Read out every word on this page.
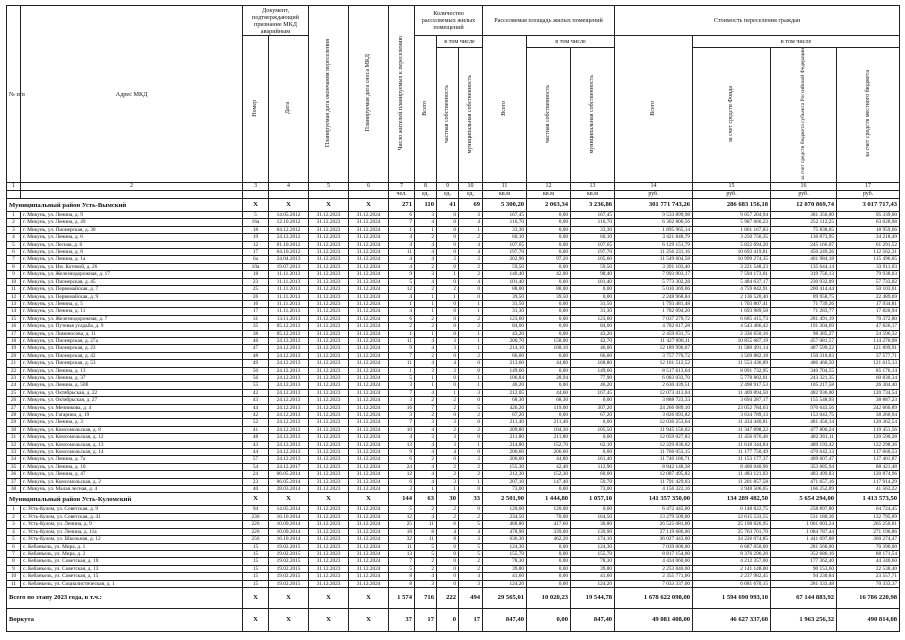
№ п/п	Адрес МКД	Документ, подтверждающий признание МКД аварийным		Планируемая дата окончания переселения	Планируемая дата сноса МКД	Число жителей планируемых к переселению	Количество расселяемых жилых помещений			Расселяемая площадь жилых помещений			Стоимость переселения граждан			
		Номер	Дата				Всего	в том числе		Всего	в том числе		Всего	в том числе		
								частная собственность	муниципальная собственность		частная собственность	муниципальная собственность		за счет средств Фонда	за счет средств бюджета субъекта Российской Федерации	за счет средств местного бюджета
1	2	3	4	5	6	7	8	9	10	11	12	13	14	15	16	17
						чел.	ед.	ед.	ед.	кв.м	кв.м	кв.м	руб.	руб.	руб.	руб.
Муниципальный район Усть-Вымский		X	X	X	X	271	110	41	69	5 300,20	2 063,34	3 236,86	301 771 743,26	286 683 156,18	12 070 869,74	3 017 717,43
1	г. Микунь, ул. Ленина, д. 9	5	14.05.2012	31.12.2023	31.12.2024	6	3	0	3	167,45	0,00	167,45	9 533 899,98	9 057 204,94	381 356,00	95 339,00
2	г. Микунь, ул. Ленина, д. 49	16а	12.10.2012	31.12.2023	31.12.2024	7	4	0	4	110,70	0,00	110,70	6 302 806,56	5 987 666,23	252 112,25	63 028,08
3	г. Микунь, ул. Пионерская, д. 30	18	04.12.2012	31.12.2023	31.12.2024	1	1	0	1	33,30	0,00	33,30	1 895 965,14	1 801 167,83	75 838,65	18 959,66
4	г. Микунь, ул. Ленина, д. 6	19	24.12.2012	31.12.2023	31.12.2024	4	2	0	2	60,10	0,00	60,10	3 421 848,79	3 250 756,35	136 873,95	34 218,49
5	г. Микунь, ул. Лесная, д. 6	12	01.10.2012	31.12.2023	31.12.2024	4	4	0	4	107,65	0,00	107,65	6 129 151,79	5 822 694,20	245 166,07	61 291,52
6	г. Микунь, ул. Ленина, д. 8	17	04.10.2012	31.12.2023	31.12.2024	11	4	0	4	197,70	0,00	197,70	11 256 231,16	10 693 419,81	450 249,26	112 562,31
7	г. Микунь, ул. Ленина, д. 1а	6а	24.04.2013	31.12.2023	31.12.2024	4	4	2	2	202,90	97,20	105,60	11 549 604,58	10 999 274,35	461 984,18	115 496,05
8	г. Микунь, ул. Им. Котовой, д. 26	10а	19.07.2013	31.12.2023	31.12.2024	4	2	0	2	59,50	0,00	59,50	3 391 103,40	3 221 548,23	135 644,14	33 911,03
9	г. Микунь, ул. Железнодорожная, д. 17	18	11.11.2013	31.12.2023	31.12.2024	9	3	1	2	140,40	42,00	98,40	7 993 903,17	7 594 173,01	319 756,13	79 938,03
10	г. Микунь, ул. Пионерская, д. 45	23	11.11.2013	31.12.2023	31.12.2024	5	4	0	4	101,40	0,00	101,40	5 773 302,28	5 484 637,17	230 932,09	57 733,02
11	г. Микунь, ул. Первомайская, д. 7	25	11.11.2013	31.12.2023	31.12.2024	12	2	2	0	88,00	88,00	0,00	5 010 369,06	4 759 842,91	200 414,44	50 103,61
12	г. Микунь, ул. Первомайская, д. 9	26	11.11.2013	31.12.2023	31.12.2024	4	1	1	0	39,50	39,50	0,00	2 248 968,84	2 136 520,40	89 958,75	22 489,69
13	г. Микунь, ул. Ленина, д. 5	16	11.11.2013	31.12.2023	31.12.2024	1	1	0	1	31,50	0,00	31,50	1 793 481,48	1 703 807,41	71 739,26	17 934,81
14	г. Микунь, ул. Ленина, д. 11	17	11.11.2013	31.12.2023	31.12.2024	4	1	0	1	31,30	0,00	31,30	1 782 094,20	1 693 989,58	71 283,77	17 820,94
15	г. Микунь, ул. Железнодорожная, д. 7	31	13.11.2013	31.12.2023	31.12.2024	6	2	0	2	123,60	0,00	123,60	7 037 279,72	6 685 415,73	281 491,19	70 372,80
16	г. Микунь, ул. Путевая усадьба, д. 9	35	05.12.2013	31.12.2023	31.12.2024	2	2	0	2	84,00	0,00	84,00	4 782 617,28	4 543 486,42	191 304,69	47 826,17
17	г. Микунь, ул. Ломоносова, д. 11	38	05.12.2013	31.12.2023	31.12.2024	1	1	0	1	43,20	0,00	43,20	2 459 631,75	2 336 650,16	98 385,27	24 596,32
18	г. Микунь, ул. Пионерская, д. 27а	46	24.12.2013	31.12.2023	31.12.2024	11	4	3	1	200,70	158,00	42,70	11 427 098,11	10 855 687,19	457 081,57	114 270,98
19	г. Микунь, ул. Пионерская, д. 23	47	24.12.2013	31.12.2023	31.12.2024	9	4	3	1	214,10	168,10	46,00	12 189 990,67	11 580 491,14	487 599,22	121 899,91
20	г. Микунь, ул. Пионерская, д. 42	48	24.12.2013	31.12.2023	31.12.2024	7	2	0	2	66,00	0,00	66,00	3 757 770,72	3 569 882,18	150 310,83	37 577,71
21	г. Микунь, ул. Пионерская, д. 53	49	24.12.2013	31.12.2023	31.12.2024	11	4	4	0	213,60	44,80	168,80	12 161 512,52	11 553 436,89	486 460,50	121 615,13
22	г. Микунь, ул. Ленина, д. 13	50	24.12.2013	31.12.2023	31.12.2024	1	3	3	0	149,60	0,00	149,60	8 517 613,64	8 091 732,95	340 704,55	85 176,14
23	г. Микунь, ул. Ленина, д. 37	56	24.12.2013	31.12.2023	31.12.2024	5	1	0	1	106,84	28,94	77,90	6 083 033,70	5 778 882,01	243 321,35	60 830,34
24	г. Микунь, ул. Ленина, д. 50б	55	24.12.2013	31.12.2023	31.12.2024	3	1	0	1	46,20	0,00	46,20	2 630 439,51	2 498 917,53	105 217,58	26 304,40
25	г. Микунь, ул. Октябрьская, д. 22	42	24.12.2013	31.12.2023	31.12.2024	7	4	1	3	212,05	44,60	167,45	12 073 413,04	11 469 894,50	482 936,00	120 734,54
26	г. Микунь, ул. Октябрьская, д. 27	43	24.12.2013	31.12.2023	31.12.2024	3	2	2	0	68,30	68,30	0,00	3 888 723,33	3 694 287,17	155 548,93	38 887,23
27	г. Микунь, ул. Мечникова, д. 4	44	24.12.2013	31.12.2023	31.12.2024	16	7	2	5	426,20	119,00	307,20	24 266 089,10	23 052 784,63	970 643,56	242 660,89
28	г. Микунь, ул. Гагарина, д. 19	42	24.12.2013	31.12.2023	31.12.2024	3	2	0	2	67,20	0,00	67,20	3 826 093,82	3 634 789,13	153 043,75	38 260,94
29	г. Микунь, ул. Ленина, д. 3	52	24.12.2013	31.12.2023	31.12.2024	7	3	3	0	211,40	211,40	0,00	12 036 253,64	11 434 440,81	481 450,14	120 362,54
30	г. Микунь, ул. Комсомольская, д. 8	41	24.12.2013	31.12.2023	31.12.2024	10	4	2	2	209,80	104,30	105,50	11 945 156,02	11 347 898,22	477 806,24	119 451,56
31	г. Микунь, ул. Комсомольская, д. 12	48	24.12.2013	31.12.2023	31.12.2024	4	3	3	0	211,80	211,80	0,00	12 059 027,83	11 456 076,46	482 361,11	120 590,28
32	г. Микунь, ул. Комсомольская, д. 13	43	24.12.2013	31.12.2023	31.12.2024	13	4	3	1	214,80	152,70	62,10	12 229 836,62	11 618 344,84	489 193,42	122 298,36
33	г. Микунь, ул. Комсомольская, д. 14	44	24.12.2013	31.12.2023	31.12.2024	9	4	4	0	206,60	206,60	0,00	11 766 053,15	11 177 750,49	470 642,13	117 660,53
34	г. Микунь, ул. Ленина, д. 7а	57	24.12.2013	31.12.2023	31.12.2024	6	2	0	2	206,00	44,80	161,40	11 740 186,71	11 153 177,37	469 607,47	117 401,87
35	г. Микунь, ул. Ленина, д. 10	54	24.12.2017	31.12.2023	31.12.2024	24	4	2	2	155,30	42,40	112,90	8 842 148,38	8 400 040,96	353 685,94	88 421,48
36	г. Микунь, ул. Ленина, д. 47	24	06.05.2014	31.12.2023	31.12.2024	12	4	2	2	212,30	152,30	60,00	12 087 495,82	11 483 121,03	483 499,83	120 874,96
37	г. Микунь, ул. Комсомольская, д. 2	23	06.05.2014	31.12.2023	31.12.2024	6	4	3	1	207,10	147,40	59,70	11 791 429,03	11 201 857,58	471 657,16	117 914,29
38	г. Микунь, ул. Малая лесная, д. 4	40	28.03.2014	31.12.2023	31.12.2024	3	1	1	0	73,00	0,00	73,00	4 156 322,16	3 948 506,05	166 252,89	41 563,22
Муниципальный район Усть-Куломский		X	X	X	X	144	63	30	33	2 501,90	1 444,80	1 057,10	141 357 350,00	134 289 482,50	5 654 294,00	1 413 573,50
1	с. Усть-Кулом, ул. Советская, д. 9	94	14.05.2014	31.12.2023	31.12.2024	5	2	2	0	120,00	120,00	0,00	6 472 445,00	6 148 822,75	258 897,80	64 724,45
2	с. Усть-Кулом, ул. Советская, д. 41	236	16.10.2014	31.12.2023	31.12.2024	12	4	2	2	234,50	70,00	164,50	13 279 509,00	12 615 533,55	531 180,36	132 795,09
3	с. Усть-Кулом, ул. Ленина, д. 9	226	10.09.2014	31.12.2023	31.12.2024	25	11	6	5	468,80	417,60	30,80	26 525 081,00	25 198 826,95	1 061 003,24	265 250,81
4	с. Усть-Кулом, ул. Ленина, д. 11а	226	10.09.2014	31.12.2023	31.12.2024	18	8	4	4	478,90	339,00	139,90	27 119 686,00	25 763 701,70	1 084 787,44	271 196,86
5	с. Усть-Кулом, ул. Школьная, д. 12	256	16.10.2014	31.12.2023	31.12.2024	32	11	8	3	636,30	462,20	174,10	36 027 443,00	34 226 074,85	1 441 097,88	360 274,47
6	с. Кебанъель, ул. Мира, д. 1	15	19.02.2015	31.12.2023	31.12.2024	11	5	0	5	124,30	0,00	124,30	7 039 000,00	6 687 050,00	281 560,00	70 390,00
7	с. Кебанъель, ул. Мира, д. 2	15	19.02.2015	31.12.2023	31.12.2024	13	5	0	5	155,70	0,00	155,70	8 817 154,00	8 376 296,20	352 686,16	88 171,54
8	с. Кебанъель, ул. Советская, д. 10	15	19.02.2015	31.12.2023	31.12.2024	7	2	0	2	78,30	0,00	78,30	4 434 060,00	4 212 357,00	177 362,40	44 340,60
9	с. Кебанъель, ул. Советская, д. 13	15	19.02.2015	31.12.2023	31.12.2024	5	2	0	2	39,80	0,00	39,80	2 253 840,00	2 141 148,00	90 153,60	22 538,40
10	с. Кебанъель, ул. Советская, д. 15	15	19.02.2015	31.12.2023	31.12.2024	8	4	0	4	41,60	0,00	41,60	2 355 771,00	2 237 982,45	94 230,84	23 557,71
11	с. Кебанъель, ул. Социалистическая, д. 1	15	19.02.2015	31.12.2023	31.12.2024	8	3	0	3	124,20	0,00	124,20	7 033 337,00	6 681 670,15	281 333,48	70 333,37
Всего по этапу 2023 года, в т.ч.:		X	X	X	X	1 574	716	222	494	29 565,01	10 020,23	19 544,78	1 678 622 098,00	1 594 690 993,10	67 144 883,92	16 786 220,98
Воркута		X	X	X	X	37	17	0	17	847,40	0,00	847,40	49 081 408,00	46 627 337,60	1 963 256,32	490 814,08
